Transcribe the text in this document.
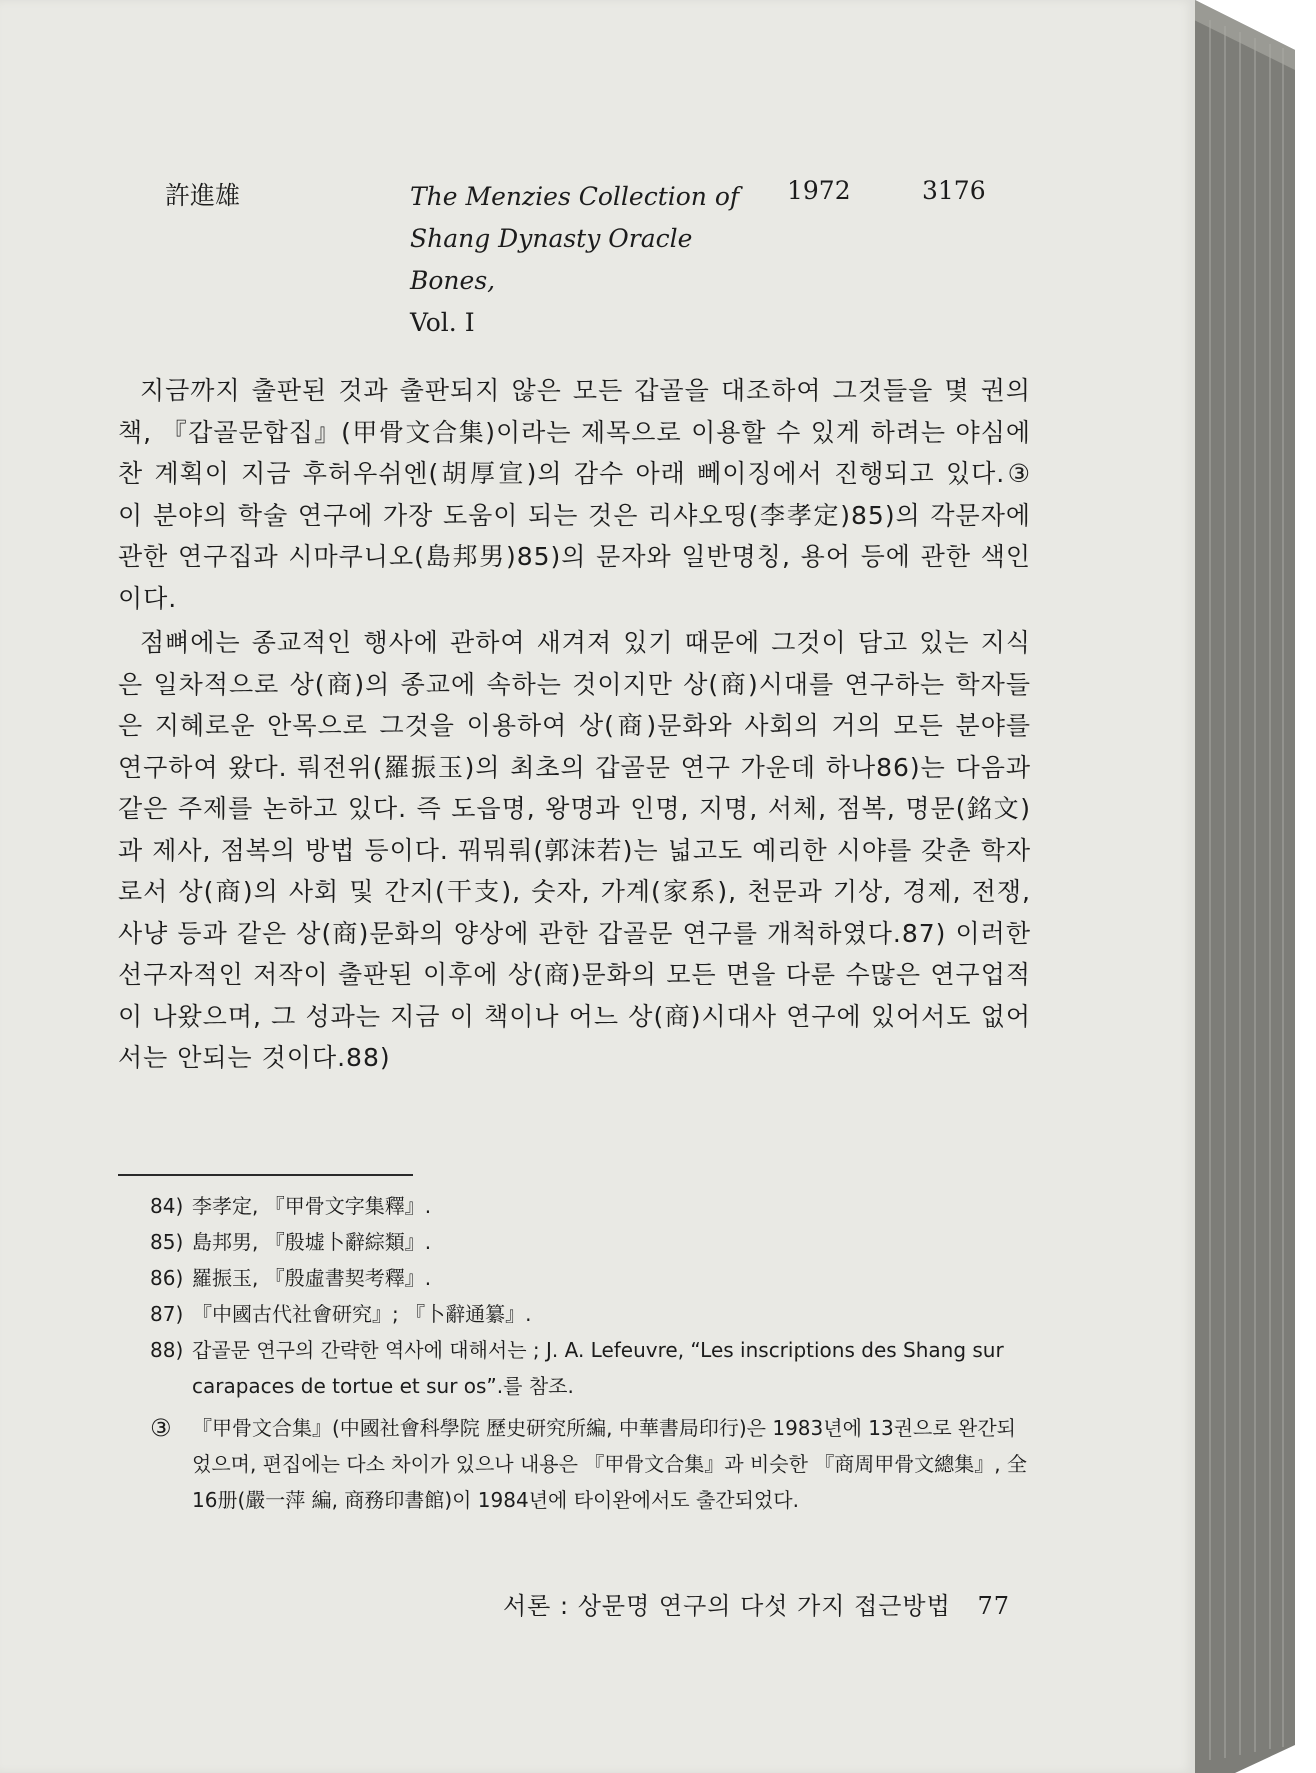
許進雄	The Menzies Collection of
Shang Dynasty Oracle Bones,
Vol. I
1972	3176

지금까지 출판된 것과 출판되지 않은 모든 갑골을 대조하여 그것들을 몇 권의 책, 『갑골문합집』(甲骨文合集)이라는 제목으로 이용할 수 있게 하려는 야심에 찬 계획이 지금 후허우쉬엔(胡厚宣)의 감수 아래 뻬이징에서 진행되고 있다.③ 이 분야의 학술 연구에 가장 도움이 되는 것은 리샤오띵(李孝定)85)의 각문자에 관한 연구집과 시마쿠니오(島邦男)85)의 문자와 일반명칭, 용어 등에 관한 색인이다.

점뼈에는 종교적인 행사에 관하여 새겨져 있기 때문에 그것이 담고 있는 지식은 일차적으로 상(商)의 종교에 속하는 것이지만 상(商)시대를 연구하는 학자들은 지혜로운 안목으로 그것을 이용하여 상(商)문화와 사회의 거의 모든 분야를 연구하여 왔다. 뤄전위(羅振玉)의 최초의 갑골문 연구 가운데 하나86)는 다음과 같은 주제를 논하고 있다. 즉 도읍명, 왕명과 인명, 지명, 서체, 점복, 명문(銘文)과 제사, 점복의 방법 등이다. 꿔뭐뤄(郭沫若)는 넓고도 예리한 시야를 갖춘 학자로서 상(商)의 사회 및 간지(干支), 숫자, 가계(家系), 천문과 기상, 경제, 전쟁, 사냥 등과 같은 상(商)문화의 양상에 관한 갑골문 연구를 개척하였다.87) 이러한 선구자적인 저작이 출판된 이후에 상(商)문화의 모든 면을 다룬 수많은 연구업적이 나왔으며, 그 성과는 지금 이 책이나 어느 상(商)시대사 연구에 있어서도 없어서는 안되는 것이다.88)

84) 李孝定, 『甲骨文字集釋』.
85) 島邦男, 『殷墟卜辭綜類』.
86) 羅振玉, 『殷虛書契考釋』.
87) 『中國古代社會研究』; 『卜辭通纂』.
88) 갑골문 연구의 간략한 역사에 대해서는 ; J. A. Lefeuvre, “Les inscriptions des Shang sur carapaces de tortue et sur os”.를 참조.
③ 『甲骨文合集』(中國社會科學院 歷史研究所編, 中華書局印行)은 1983년에 13권으로 완간되었으며, 편집에는 다소 차이가 있으나 내용은 『甲骨文合集』과 비슷한 『商周甲骨文總集』, 全16册(嚴一萍 編, 商務印書館)이 1984년에 타이완에서도 출간되었다.
서론 : 상문명 연구의 다섯 가지 접근방법 77
